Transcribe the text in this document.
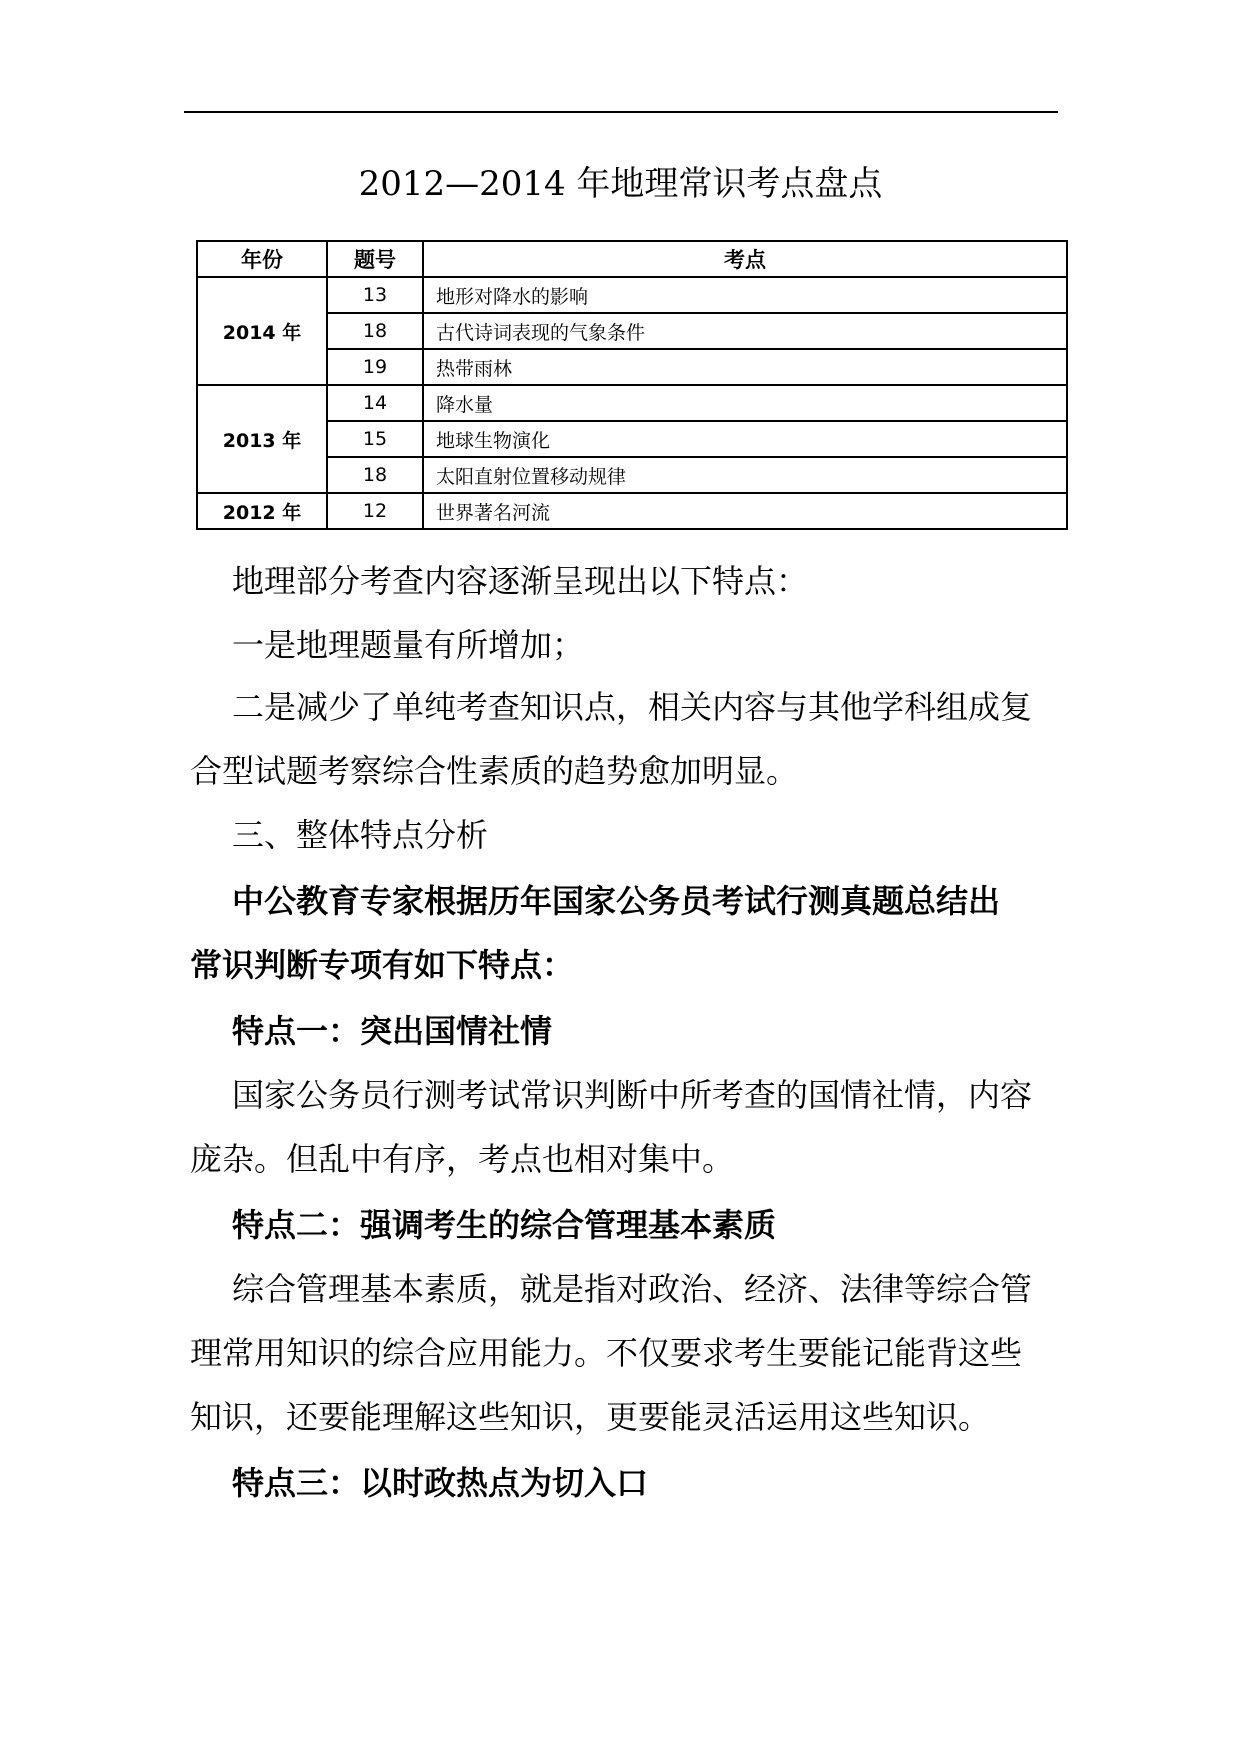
2012—2014 年地理常识考点盘点
年份	题号	考点
2014 年	13	地形对降水的影响
	18	古代诗词表现的气象条件
	19	热带雨林
2013 年	14	降水量
	15	地球生物演化
	18	太阳直射位置移动规律
2012 年	12	世界著名河流

地理部分考查内容逐渐呈现出以下特点：

一是地理题量有所增加；

二是减少了单纯考查知识点，相关内容与其他学科组成复

合型试题考察综合性素质的趋势愈加明显。

三、整体特点分析

中公教育专家根据历年国家公务员考试行测真题总结出

常识判断专项有如下特点：

特点一：突出国情社情

国家公务员行测考试常识判断中所考查的国情社情，内容

庞杂。但乱中有序，考点也相对集中。

特点二：强调考生的综合管理基本素质

综合管理基本素质，就是指对政治、经济、法律等综合管

理常用知识的综合应用能力。不仅要求考生要能记能背这些

知识，还要能理解这些知识，更要能灵活运用这些知识。

特点三：以时政热点为切入口
